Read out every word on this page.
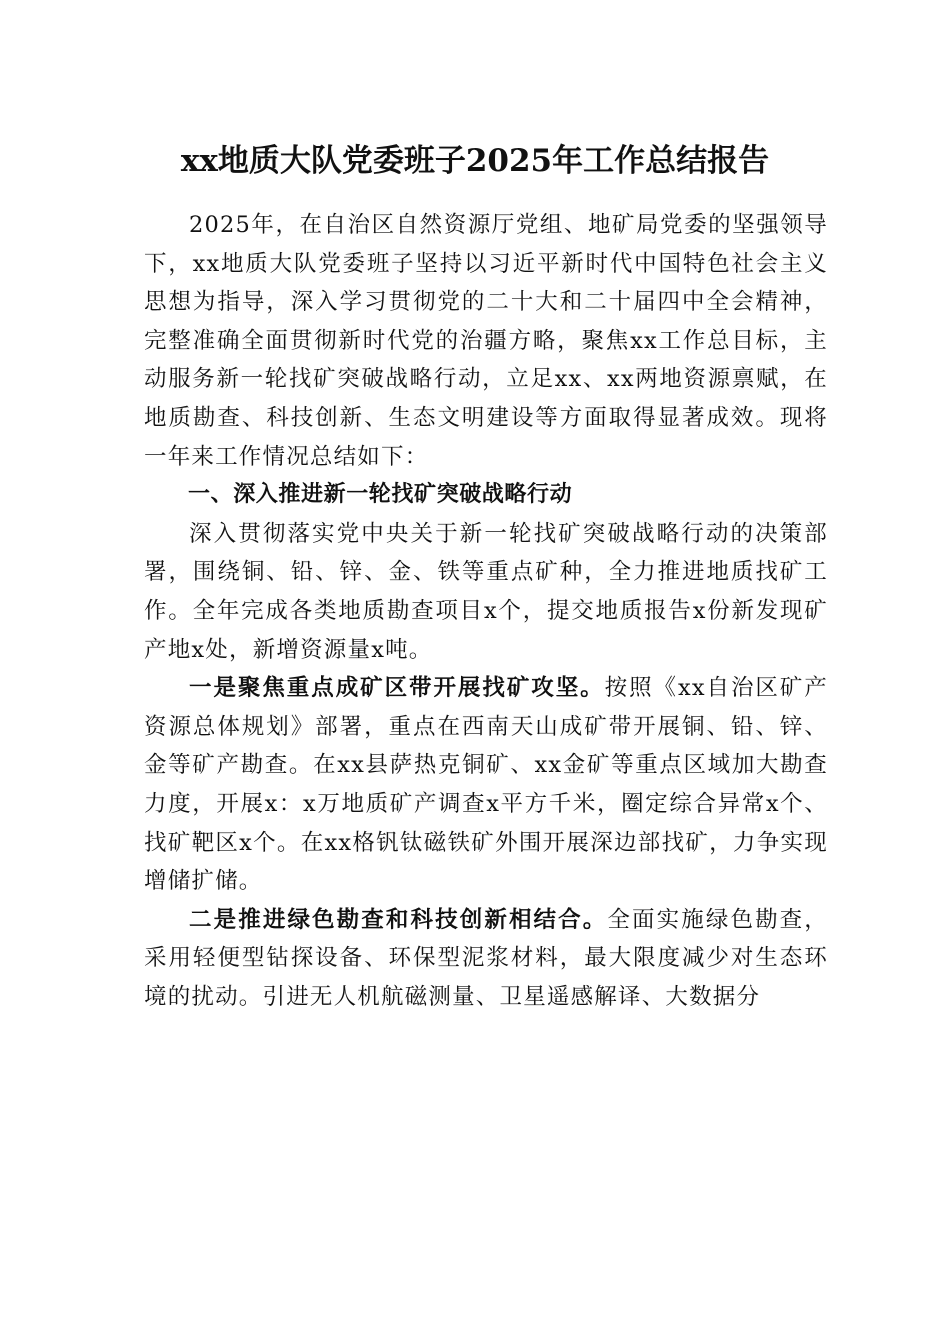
xx地质大队党委班子2025年工作总结报告

2025年，在自治区自然资源厅党组、地矿局党委的坚强领导下，xx地质大队党委班子坚持以习近平新时代中国特色社会主义思想为指导，深入学习贯彻党的二十大和二十届四中全会精神，完整准确全面贯彻新时代党的治疆方略，聚焦xx工作总目标，主动服务新一轮找矿突破战略行动，立足xx、xx两地资源禀赋，在地质勘查、科技创新、生态文明建设等方面取得显著成效。现将一年来工作情况总结如下：

一、深入推进新一轮找矿突破战略行动

深入贯彻落实党中央关于新一轮找矿突破战略行动的决策部署，围绕铜、铅、锌、金、铁等重点矿种，全力推进地质找矿工作。全年完成各类地质勘查项目x个，提交地质报告x份新发现矿产地x处，新增资源量x吨。

一是聚焦重点成矿区带开展找矿攻坚。按照《xx自治区矿产资源总体规划》部署，重点在西南天山成矿带开展铜、铅、锌、金等矿产勘查。在xx县萨热克铜矿、xx金矿等重点区域加大勘查力度，开展x：x万地质矿产调查x平方千米，圈定综合异常x个、找矿靶区x个。在xx格钒钛磁铁矿外围开展深边部找矿，力争实现增储扩储。

二是推进绿色勘查和科技创新相结合。全面实施绿色勘查，采用轻便型钻探设备、环保型泥浆材料，最大限度减少对生态环境的扰动。引进无人机航磁测量、卫星遥感解译、大数据分
